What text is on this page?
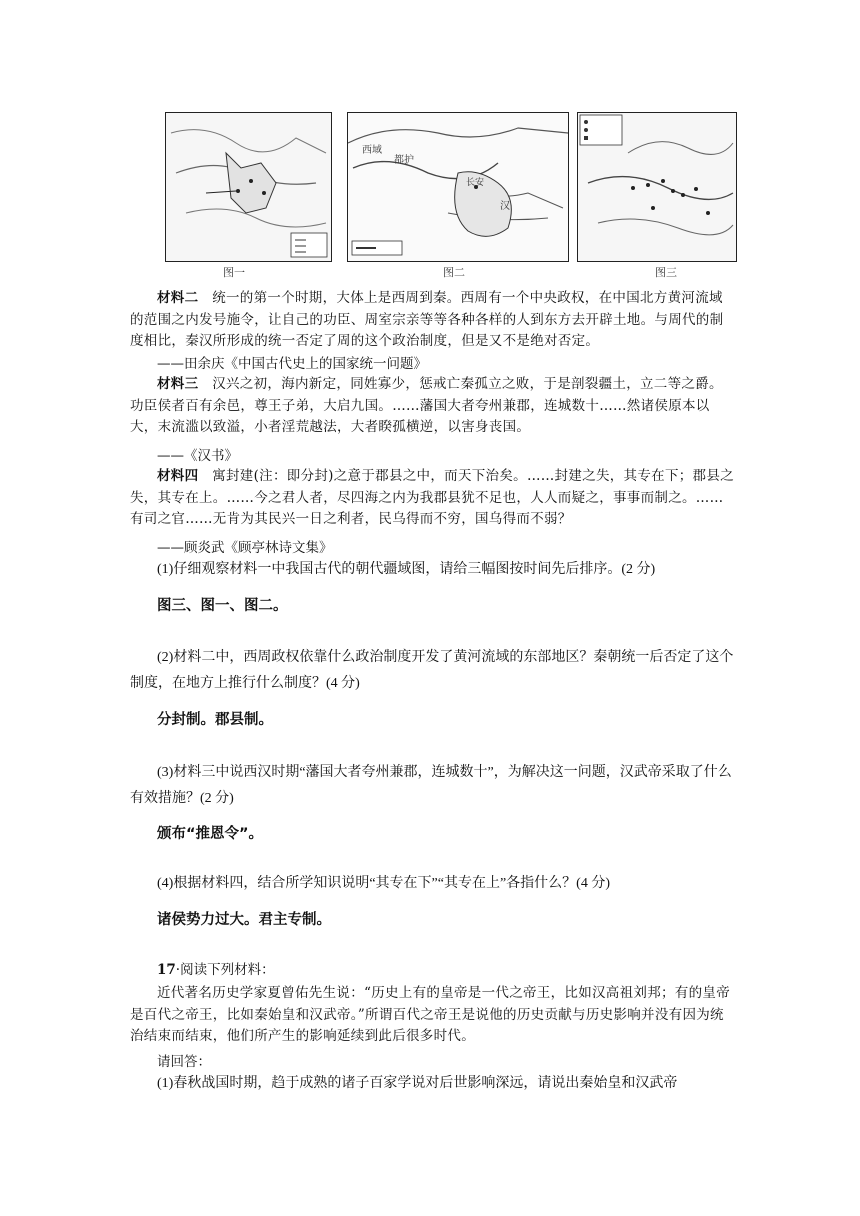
图一
西域
都护
长安
汉
图二	图三
材料二　统一的第一个时期，大体上是西周到秦。西周有一个中央政权，在中国北方黄河流域的范围之内发号施令，让自己的功臣、周室宗亲等等各种各样的人到东方去开辟土地。与周代的制度相比，秦汉所形成的统一否定了周的这个政治制度，但是又不是绝对否定。
——田余庆《中国古代史上的国家统一问题》
材料三　汉兴之初，海内新定，同姓寡少，惩戒亡秦孤立之败，于是剖裂疆土，立二等之爵。功臣侯者百有余邑，尊王子弟，大启九国。……藩国大者夸州兼郡，连城数十……然诸侯原本以大，末流滥以致溢，小者淫荒越法，大者睽孤横逆，以害身丧国。
——《汉书》
材料四　寓封建(注：即分封)之意于郡县之中，而天下治矣。……封建之失，其专在下；郡县之失，其专在上。……今之君人者，尽四海之内为我郡县犹不足也，人人而疑之，事事而制之。……有司之官……无肯为其民兴一日之利者，民乌得而不穷，国乌得而不弱？
——顾炎武《顾亭林诗文集》
(1)仔细观察材料一中我国古代的朝代疆域图，请给三幅图按时间先后排序。(2 分)
图三、图一、图二。
(2)材料二中，西周政权依靠什么政治制度开发了黄河流域的东部地区？秦朝统一后否定了这个制度，在地方上推行什么制度？(4 分)
分封制。郡县制。
(3)材料三中说西汉时期“藩国大者夸州兼郡，连城数十”，为解决这一问题，汉武帝采取了什么有效措施？(2 分)
颁布“推恩令”。
(4)根据材料四，结合所学知识说明“其专在下”“其专在上”各指什么？(4 分)
诸侯势力过大。君主专制。
17·阅读下列材料：
近代著名历史学家夏曾佑先生说：“历史上有的皇帝是一代之帝王，比如汉高祖刘邦；有的皇帝是百代之帝王，比如秦始皇和汉武帝。”所谓百代之帝王是说他的历史贡献与历史影响并没有因为统治结束而结束，他们所产生的影响延续到此后很多时代。
请回答：
(1)春秋战国时期，趋于成熟的诸子百家学说对后世影响深远，请说出秦始皇和汉武帝
